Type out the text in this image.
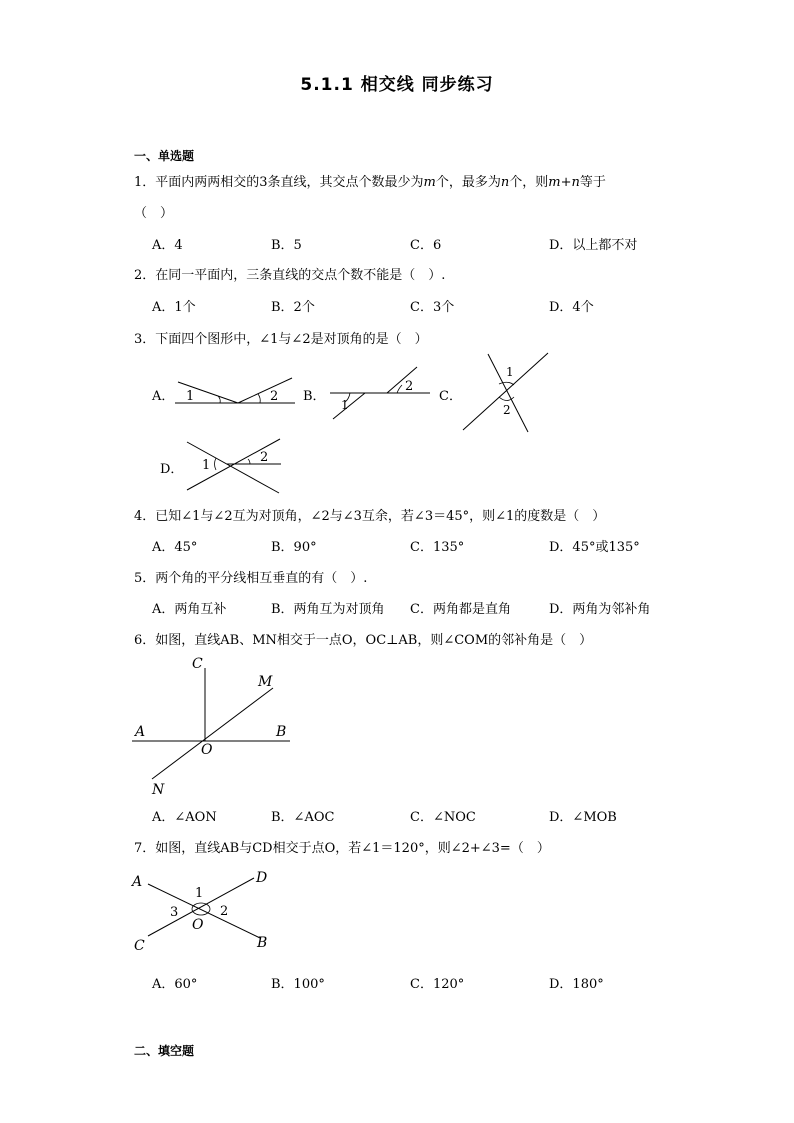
5.1.1 相交线 同步练习
一、单选题
1．平面内两两相交的3条直线，其交点个数最少为m个，最多为n个，则m+n等于
（　）
A．4	B．5	C．6	D．以上都不对
2．在同一平面内，三条直线的交点个数不能是（　）.
A．1个	B．2个	C．3个	D．4个
3．下面四个图形中，∠1与∠2是对顶角的是（　）
A．	B．	C．
D．
1	2
1
2
1
2
1
2
4．已知∠1与∠2互为对顶角，∠2与∠3互余，若∠3＝45°，则∠1的度数是（　）
A．45°	B．90°	C．135°	D．45°或135°
5．两个角的平分线相互垂直的有（　）.
A．两角互补	B．两角互为对顶角 C．两角都是直角	D．两角为邻补角
6．如图，直线AB、MN相交于一点O，OC⊥AB，则∠COM的邻补角是（　）
C
M
A
O
B
N
A．∠AON	B．∠AOC	C．∠NOC	D．∠MOB
7．如图，直线AB与CD相交于点O，若∠1＝120°，则∠2+∠3=（　）
A	D
C	B
O
1
2
3
A．60°	B．100°	C．120°	D．180°
二、填空题
